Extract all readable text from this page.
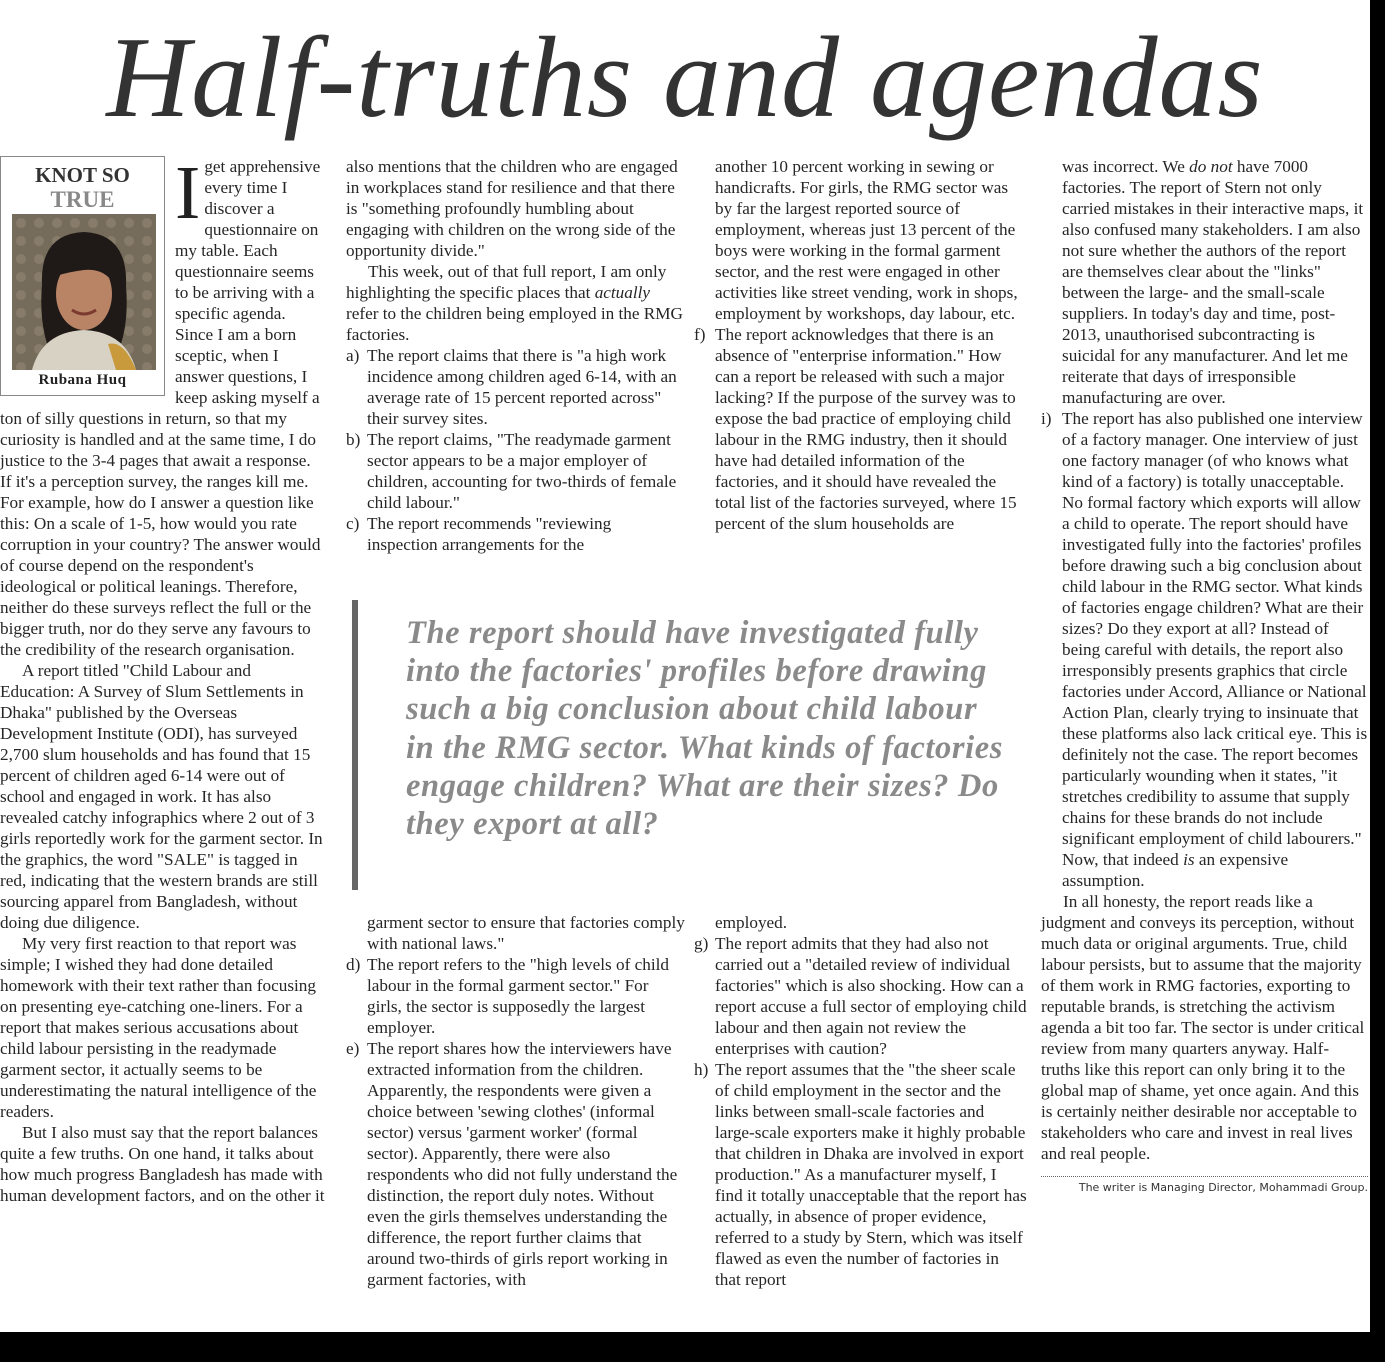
Half-truths and agendas
KNOT SO
TRUE
Rubana Huq
I get apprehensive every time I discover a questionnaire on my table. Each questionnaire seems to be arriving with a specific agenda. Since I am a born sceptic, when I answer questions, I keep asking myself a ton of silly questions in return, so that my curiosity is handled and at the same time, I do justice to the 3-4 pages that await a response. If it's a perception survey, the ranges kill me. For example, how do I answer a question like this: On a scale of 1-5, how would you rate corruption in your country? The answer would of course depend on the respondent's ideological or political leanings. Therefore, neither do these surveys reflect the full or the bigger truth, nor do they serve any favours to the credibility of the research organisation.

A report titled "Child Labour and Education: A Survey of Slum Settlements in Dhaka" published by the Overseas Development Institute (ODI), has surveyed 2,700 slum households and has found that 15 percent of children aged 6-14 were out of school and engaged in work. It has also revealed catchy infographics where 2 out of 3 girls reportedly work for the garment sector. In the graphics, the word "SALE" is tagged in red, indicating that the western brands are still sourcing apparel from Bangladesh, without doing due diligence.

My very first reaction to that report was simple; I wished they had done detailed homework with their text rather than focusing on presenting eye-catching one-liners. For a report that makes serious accusations about child labour persisting in the readymade garment sector, it actually seems to be underestimating the natural intelligence of the readers.

But I also must say that the report balances quite a few truths. On one hand, it talks about how much progress Bangladesh has made with human development factors, and on the other it

also mentions that the children who are engaged in workplaces stand for resilience and that there is "something profoundly humbling about engaging with children on the wrong side of the opportunity divide."

This week, out of that full report, I am only highlighting the specific places that actually refer to the children being employed in the RMG factories.

a) The report claims that there is "a high work incidence among children aged 6-14, with an average rate of 15 percent reported across" their survey sites.
b) The report claims, "The readymade garment sector appears to be a major employer of children, accounting for two-thirds of female child labour."
c) The report recommends "reviewing inspection arrangements for the
garment sector to ensure that factories comply with national laws."
d) The report refers to the "high levels of child labour in the formal garment sector." For girls, the sector is supposedly the largest employer.
e) The report shares how the interviewers have extracted information from the children. Apparently, the respondents were given a choice between 'sewing clothes' (informal sector) versus 'garment worker' (formal sector). Apparently, there were also respondents who did not fully understand the distinction, the report duly notes. Without even the girls themselves understanding the difference, the report further claims that around two-thirds of girls report working in garment factories, with
another 10 percent working in sewing or handicrafts. For girls, the RMG sector was by far the largest reported source of employment, whereas just 13 percent of the boys were working in the formal garment sector, and the rest were engaged in other activities like street vending, work in shops, employment by workshops, day labour, etc.
f) The report acknowledges that there is an absence of "enterprise information." How can a report be released with such a major lacking? If the purpose of the survey was to expose the bad practice of employing child labour in the RMG industry, then it should have had detailed information of the factories, and it should have revealed the total list of the factories surveyed, where 15 percent of the slum households are
employed.
g) The report admits that they had also not carried out a "detailed review of individual factories" which is also shocking. How can a report accuse a full sector of employing child labour and then again not review the enterprises with caution?
h) The report assumes that the "the sheer scale of child employment in the sector and the links between small-scale factories and large-scale exporters make it highly probable that children in Dhaka are involved in export production." As a manufacturer myself, I find it totally unacceptable that the report has actually, in absence of proper evidence, referred to a study by Stern, which was itself flawed as even the number of factories in that report
The report should have investigated fully into the factories' profiles before drawing such a big conclusion about child labour in the RMG sector. What kinds of factories engage children? What are their sizes? Do they export at all?
was incorrect. We do not have 7000 factories. The report of Stern not only carried mistakes in their interactive maps, it also confused many stakeholders. I am also not sure whether the authors of the report are themselves clear about the "links" between the large- and the small-scale suppliers. In today's day and time, post-2013, unauthorised subcontracting is suicidal for any manufacturer. And let me reiterate that days of irresponsible manufacturing are over.
i) The report has also published one interview of a factory manager. One interview of just one factory manager (of who knows what kind of a factory) is totally unacceptable. No formal factory which exports will allow a child to operate. The report should have investigated fully into the factories' profiles before drawing such a big conclusion about child labour in the RMG sector. What kinds of factories engage children? What are their sizes? Do they export at all? Instead of being careful with details, the report also irresponsibly presents graphics that circle factories under Accord, Alliance or National Action Plan, clearly trying to insinuate that these platforms also lack critical eye. This is definitely not the case. The report becomes particularly wounding when it states, "it stretches credibility to assume that supply chains for these brands do not include significant employment of child labourers." Now, that indeed is an expensive assumption.

In all honesty, the report reads like a judgment and conveys its perception, without much data or original arguments. True, child labour persists, but to assume that the majority of them work in RMG factories, exporting to reputable brands, is stretching the activism agenda a bit too far. The sector is under critical review from many quarters anyway. Half-truths like this report can only bring it to the global map of shame, yet once again. And this is certainly neither desirable nor acceptable to stakeholders who care and invest in real lives and real people.

The writer is Managing Director, Mohammadi Group.
